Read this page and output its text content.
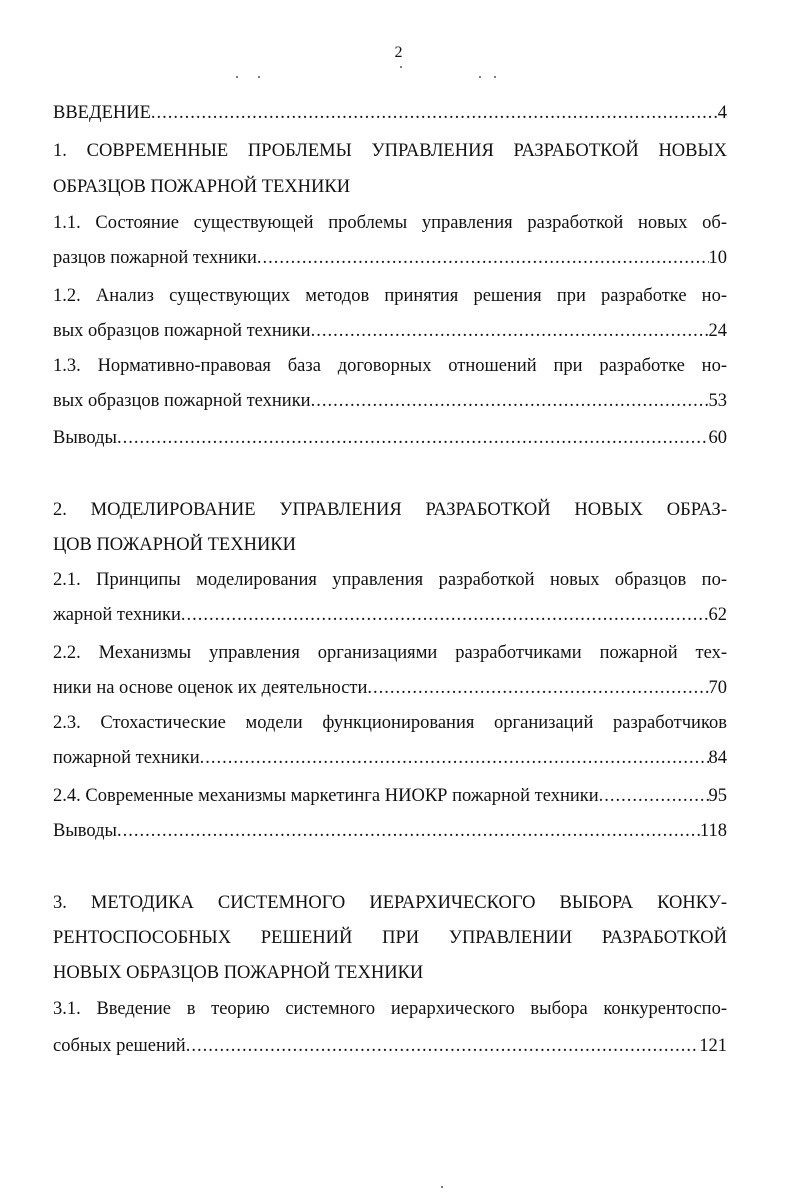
2
ВВЕДЕНИЕ .....	4
1. СОВРЕМЕННЫЕ ПРОБЛЕМЫ УПРАВЛЕНИЯ РАЗРАБОТКОЙ НОВЫХ
ОБРАЗЦОВ ПОЖАРНОЙ ТЕХНИКИ
1.1. Состояние существующей проблемы управления разработкой новых об-
разцов пожарной техники .....	10
1.2. Анализ существующих методов принятия решения при разработке но-
вых образцов пожарной техники .....	24
1.3. Нормативно-правовая база договорных отношений при разработке но-
вых образцов пожарной техники .....	53
Выводы .....	60
2. МОДЕЛИРОВАНИЕ УПРАВЛЕНИЯ РАЗРАБОТКОЙ НОВЫХ ОБРАЗ-
ЦОВ ПОЖАРНОЙ ТЕХНИКИ
2.1. Принципы моделирования управления разработкой новых образцов по-
жарной техники .....	62
2.2. Механизмы управления организациями разработчиками пожарной тех-
ники на основе оценок их деятельности .....	70
2.3. Стохастические модели функционирования организаций разработчиков
пожарной техники .....	84
2.4. Современные механизмы маркетинга НИОКР пожарной техники .....	95
Выводы .....	118
3. МЕТОДИКА СИСТЕМНОГО ИЕРАРХИЧЕСКОГО ВЫБОРА КОНКУ-
РЕНТОСПОСОБНЫХ РЕШЕНИЙ ПРИ УПРАВЛЕНИИ РАЗРАБОТКОЙ
НОВЫХ ОБРАЗЦОВ ПОЖАРНОЙ ТЕХНИКИ
3.1. Введение в теорию системного иерархического выбора конкурентоспо-
собных решений .....	121
